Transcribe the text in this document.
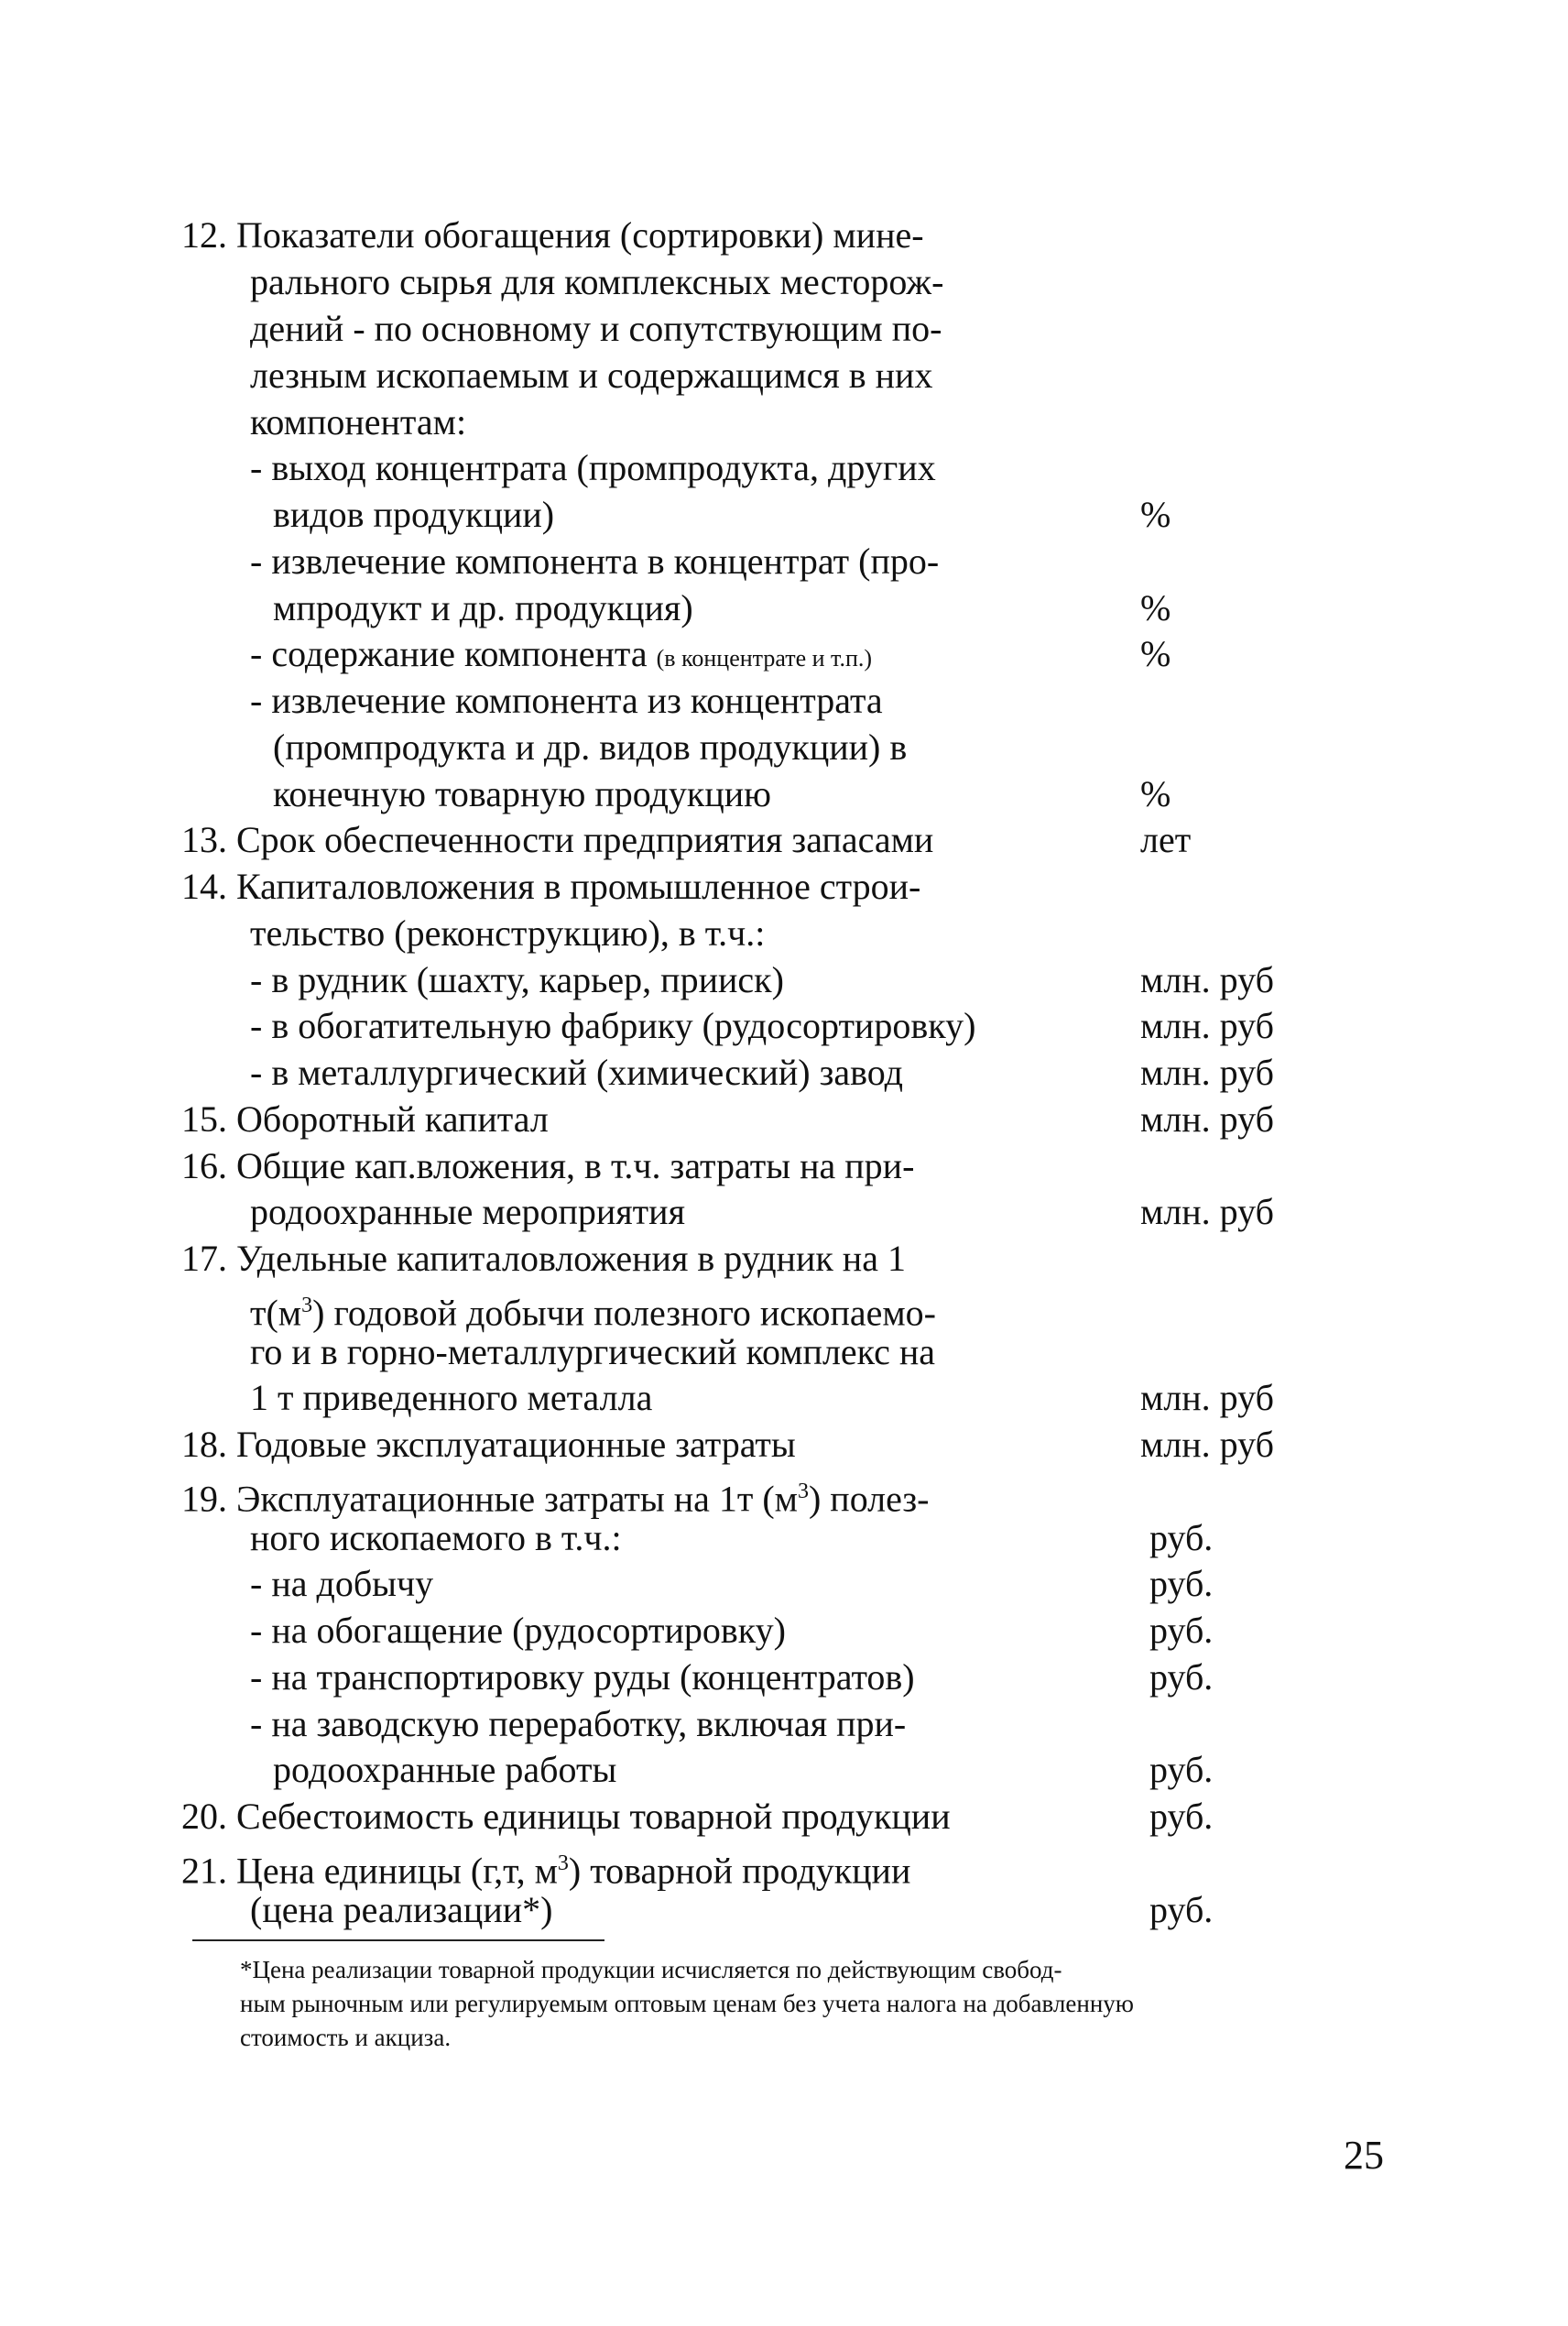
12. Показатели обогащения (сортировки) мине-
рального сырья для комплексных месторож-
дений - по основному и сопутствующим по-
лезным ископаемым и содержащимся в них
компонентам:
- выход концентрата (промпродукта, других
видов продукции)	%
- извлечение компонента в концентрат (про-
мпродукт и др. продукция)	%
- содержание компонента (в концентрате и т.п.)	%
- извлечение компонента из концентрата
(промпродукта и др. видов продукции) в
конечную товарную продукцию	%
13. Срок обеспеченности предприятия запасами	лет
14. Капиталовложения в промышленное строи-
тельство (реконструкцию), в т.ч.:
- в рудник (шахту, карьер, прииск)	млн. руб
- в обогатительную фабрику (рудосортировку)	млн. руб
- в металлургический (химический) завод	млн. руб
15. Оборотный капитал	млн. руб
16. Общие кап.вложения, в т.ч. затраты на при-
родоохранные мероприятия	млн. руб
17. Удельные капиталовложения в рудник на 1
$т(м^3)$ годовой добычи полезного ископаемо-
го и в горно-металлургический комплекс на
1 т приведенного металла	млн. руб
18. Годовые эксплуатационные затраты	млн. руб
19. Эксплуатационные затраты на 1т $(м^3)$ полез-
ного ископаемого в т.ч.:	руб.
- на добычу	руб.
- на обогащение (рудосортировку)	руб.
- на транспортировку руды (концентратов)	руб.
- на заводскую переработку, включая при-
родоохранные работы	руб.
20. Себестоимость единицы товарной продукции	руб.
21. Цена единицы (г,т, $м^3$) товарной продукции
(цена реализации*)	руб.
*Цена реализации товарной продукции исчисляется по действующим свобод-
ным рыночным или регулируемым оптовым ценам без учета налога на добавленную
стоимость и акциза.
25
